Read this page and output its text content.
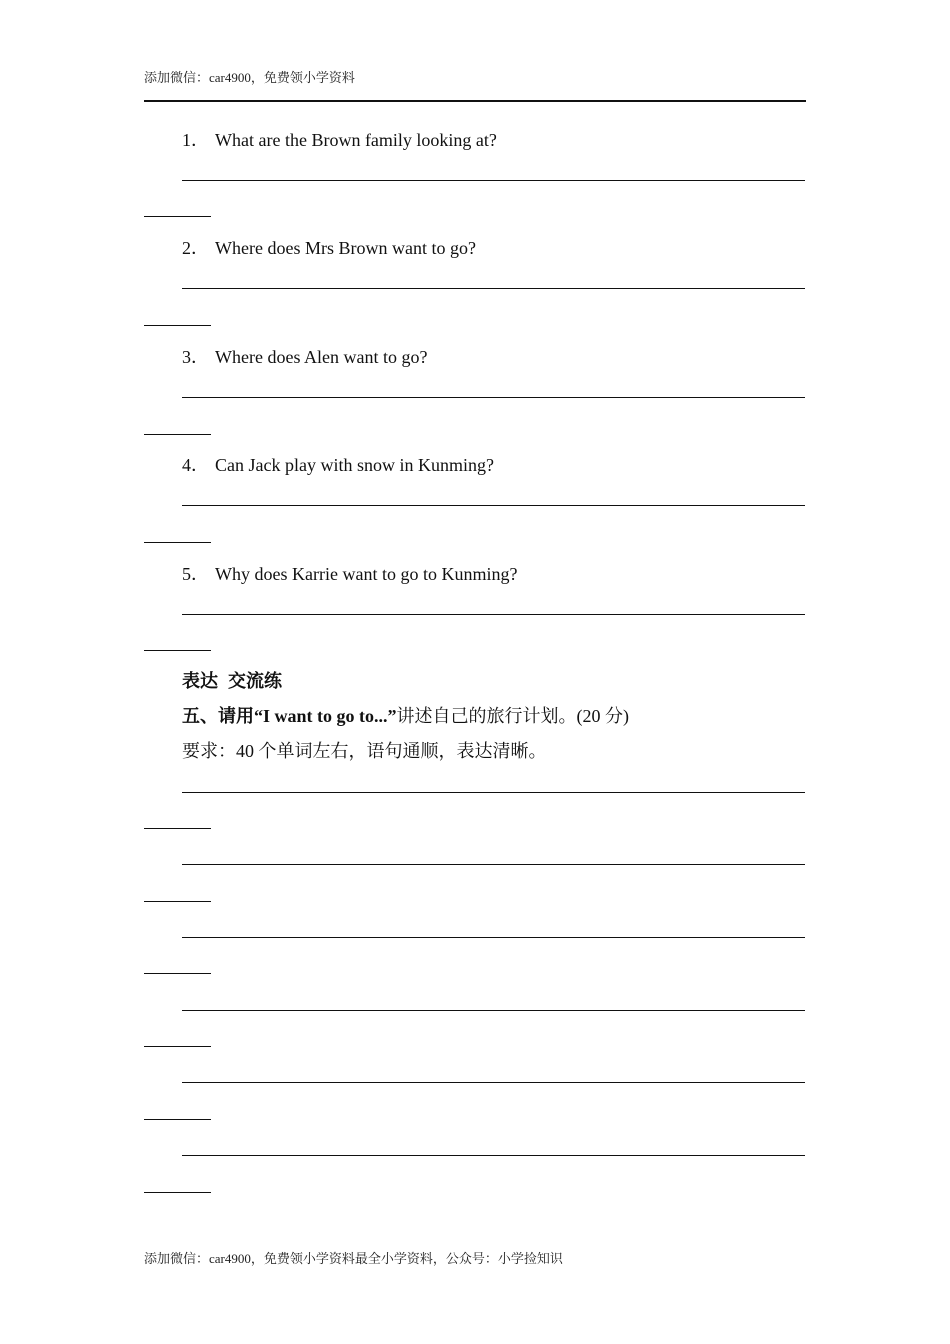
添加微信：car4900，免费领小学资料
1． What are the Brown family looking at?
2． Where does Mrs Brown want to go?
3． Where does Alen want to go?
4． Can Jack play with snow in Kunming?
5． Why does Karrie want to go to Kunming?
表达 交流练
五、请用“I want to go to...”讲述自己的旅行计划。(20 分)
要求：40 个单词左右，语句通顺，表达清晰。
添加微信：car4900，免费领小学资料最全小学资料，公众号：小学捡知识
